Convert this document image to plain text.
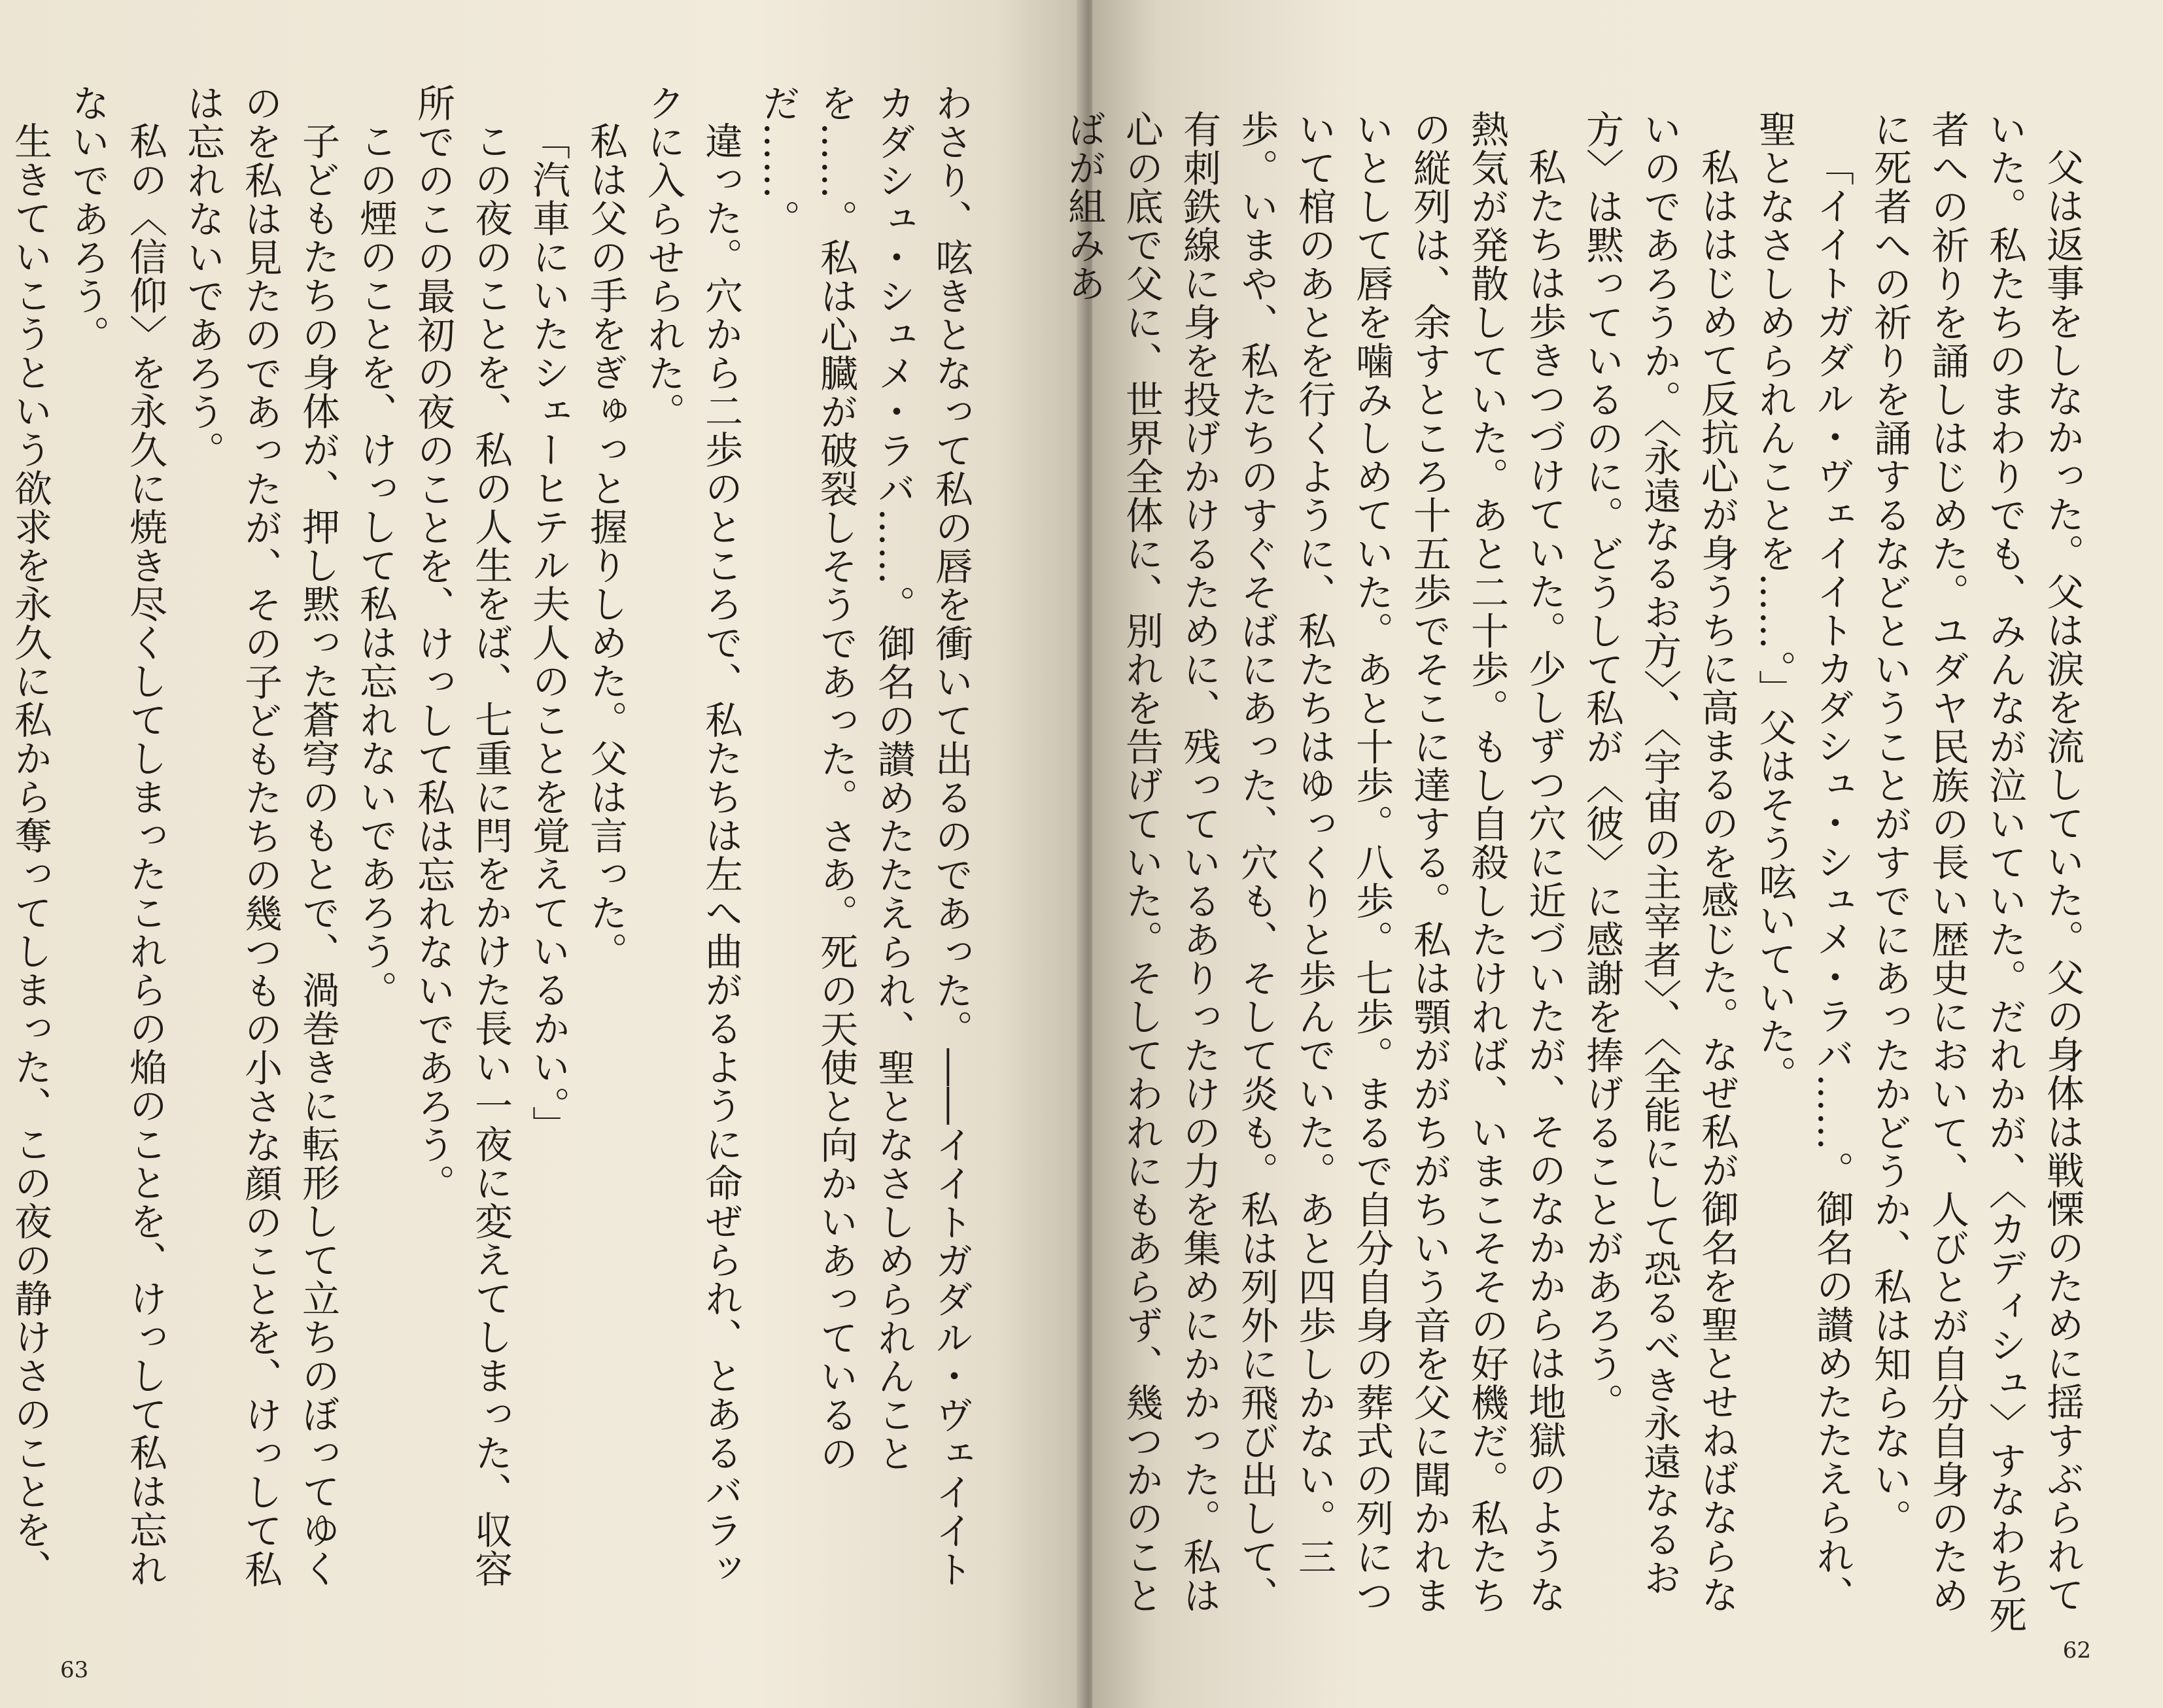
わさり、呟きとなって私の唇を衝いて出るのであった。――イイトガダル・ヴェイイトカダシュ・シュメ・ラバ……。御名の讃めたたえられ、聖となさしめられんことを……。私は心臓が破裂しそうであった。さあ。死の天使と向かいあっているのだ……。

違った。穴から二歩のところで、私たちは左へ曲がるように命ぜられ、とあるバラックに入らせられた。

私は父の手をぎゅっと握りしめた。父は言った。

「汽車にいたシェーヒテル夫人のことを覚えているかい。」

この夜のことを、私の人生をば、七重に閂をかけた長い一夜に変えてしまった、収容所でのこの最初の夜のことを、けっして私は忘れないであろう。

この煙のことを、けっして私は忘れないであろう。

子どもたちの身体が、押し黙った蒼穹のもとで、渦巻きに転形して立ちのぼってゆくのを私は見たのであったが、その子どもたちの幾つもの小さな顔のことを、けっして私は忘れないであろう。

私の〈信仰〉を永久に焼き尽くしてしまったこれらの焔のことを、けっして私は忘れないであろう。

生きていこうという欲求を永久に私から奪ってしまった、この夜の静けさのことを、

63

父は返事をしなかった。父は涙を流していた。父の身体は戦慄のために揺すぶられていた。私たちのまわりでも、みんなが泣いていた。だれかが、〈カディシュ〉すなわち死者への祈りを誦しはじめた。ユダヤ民族の長い歴史において、人びとが自分自身のために死者への祈りを誦するなどということがすでにあったかどうか、私は知らない。

「イイトガダル・ヴェイイトカダシュ・シュメ・ラバ……。御名の讃めたたえられ、聖となさしめられんことを……。」父はそう呟いていた。

私ははじめて反抗心が身うちに高まるのを感じた。なぜ私が御名を聖とせねばならないのであろうか。〈永遠なるお方〉、〈宇宙の主宰者〉、〈全能にして恐るべき永遠なるお方〉は黙っているのに。どうして私が〈彼〉に感謝を捧げることがあろう。

私たちは歩きつづけていた。少しずつ穴に近づいたが、そのなかからは地獄のような熱気が発散していた。あと二十歩。もし自殺したければ、いまこそその好機だ。私たちの縦列は、余すところ十五歩でそこに達する。私は顎ががちがちいう音を父に聞かれまいとして唇を噛みしめていた。あと十歩。八歩。七歩。まるで自分自身の葬式の列について棺のあとを行くように、私たちはゆっくりと歩んでいた。あと四歩しかない。三歩。いまや、私たちのすぐそばにあった、穴も、そして炎も。私は列外に飛び出して、有刺鉄線に身を投げかけるために、残っているありったけの力を集めにかかった。私は心の底で父に、世界全体に、別れを告げていた。そしてわれにもあらず、幾つかのことばが組みあ

62
